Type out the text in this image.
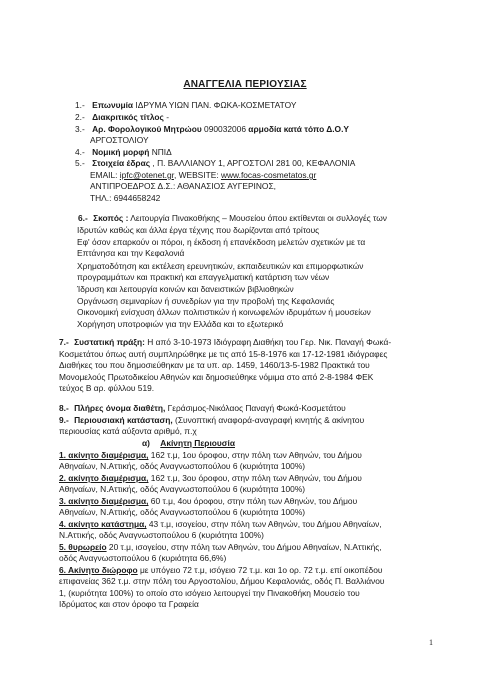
ΑΝΑΓΓΕΛΙΑ ΠΕΡΙΟΥΣΙΑΣ
1.- Επωνυμία ΙΔΡΥΜΑ ΥΙΩΝ ΠΑΝ. ΦΩΚΑ-ΚΟΣΜΕΤΑΤΟΥ
2.- Διακριτικός τίτλος -
3.- Αρ. Φορολογικού Μητρώου 090032006 αρμοδία κατά τόπο Δ.Ο.Υ
ΑΡΓΟΣΤΟΛΙΟΥ
4.- Νομική μορφή ΝΠΙΔ
5.- Στοιχεία έδρας , Π. ΒΑΛΛΙΑΝΟΥ 1, ΑΡΓΟΣΤΟΛΙ 281 00, ΚΕΦΑΛΟΝΙΑ
EMAIL: ipfc@otenet.gr, WEBSITE: www.focas-cosmetatos.gr
ΑΝΤΙΠΡΟΕΔΡΟΣ Δ.Σ.: ΑΘΑΝΑΣΙΟΣ ΑΥΓΕΡΙΝΟΣ,
ΤΗΛ.: 6944658242
6.- Σκοπός : Λειτουργία Πινακοθήκης – Μουσείου όπου εκτίθενται οι συλλογές των
Ιδρυτών καθώς και άλλα έργα τέχνης που δωρίζονται από τρίτους
Εφ' όσον επαρκούν οι πόροι, η έκδοση ή επανέκδοση μελετών σχετικών με τα
Επτάνησα και την Κεφαλονιά
Χρηματοδότηση και εκτέλεση ερευνητικών, εκπαιδευτικών και επιμορφωτικών
προγραμμάτων και πρακτική και επαγγελματική κατάρτιση των νέων
Ίδρυση και λειτουργία κοινών και δανειστικών βιβλιοθηκών
Οργάνωση σεμιναρίων ή συνεδρίων για την προβολή της Κεφαλονιάς
Οικονομική ενίσχυση άλλων πολιτιστικών ή κοινωφελών ιδρυμάτων ή μουσείων
Χορήγηση υποτροφιών για την Ελλάδα και το εξωτερικό
7.- Συστατική πράξη: Η από 3-10-1973 Ιδιόγραφη Διαθήκη του Γερ. Νικ. Παναγή Φωκά-
Κοσμετάτου όπως αυτή συμπληρώθηκε με τις από 15-8-1976 και 17-12-1981 ιδιόγραφες
Διαθήκες του που δημοσιεύθηκαν με τα υπ. αρ. 1459, 1460/13-5-1982 Πρακτικά του
Μονομελούς Πρωτοδικείου Αθηνών και δημοσιεύθηκε νόμιμα στο από 2-8-1984 ΦΕΚ
τεύχος Β αρ. φύλλου 519.
8.- Πλήρες όνομα διαθέτη, Γεράσιμος-Νικόλαος Παναγή Φωκά-Κοσμετάτου
9.- Περιουσιακή κατάσταση, (Συνοπτική αναφορά-αναγραφή κινητής & ακίνητου
περιουσίας κατά αύξοντα αριθμό, π.χ
α) Ακίνητη Περιουσία
1. ακίνητο διαμέρισμα, 162 τ.μ, 1ου όροφου, στην πόλη των Αθηνών, του Δήμου
Αθηναίων, Ν.Αττικής, οδός Αναγνωστοπούλου 6 (κυριότητα 100%)
2. ακίνητο διαμέρισμα, 162 τ.μ, 3ου όροφου, στην πόλη των Αθηνών, του Δήμου
Αθηναίων, Ν.Αττικής, οδός Αναγνωστοπούλου 6 (κυριότητα 100%)
3. ακίνητο διαμέρισμα, 60 τ.μ, 4ου όροφου, στην πόλη των Αθηνών, του Δήμου
Αθηναίων, Ν.Αττικής, οδός Αναγνωστοπούλου 6 (κυριότητα 100%)
4. ακίνητο κατάστημα, 43 τ.μ, ισογείου, στην πόλη των Αθηνών, του Δήμου Αθηναίων,
Ν.Αττικής, οδός Αναγνωστοπούλου 6 (κυριότητα 100%)
5. θυρωρείο 20 τ.μ, ισογείου, στην πόλη των Αθηνών, του Δήμου Αθηναίων, Ν.Αττικής,
οδός Αναγνωστοπούλου 6 (κυριότητα 66,6%)
6. Ακίνητο διώροφο με υπόγειο 72 τ.μ, ισόγειο 72 τ.μ. και 1ο ορ. 72 τ.μ. επί οικοπέδου
επιφανείας 362 τ.μ. στην πόλη του Αργοστολίου, Δήμου Κεφαλονιάς, οδός Π. Βαλλιάνου
1, (κυριότητα 100%) το οποίο στο ισόγειο λειτουργεί την Πινακοθήκη Μουσείο του
Ιδρύματος και στον όροφο τα Γραφεία
1
